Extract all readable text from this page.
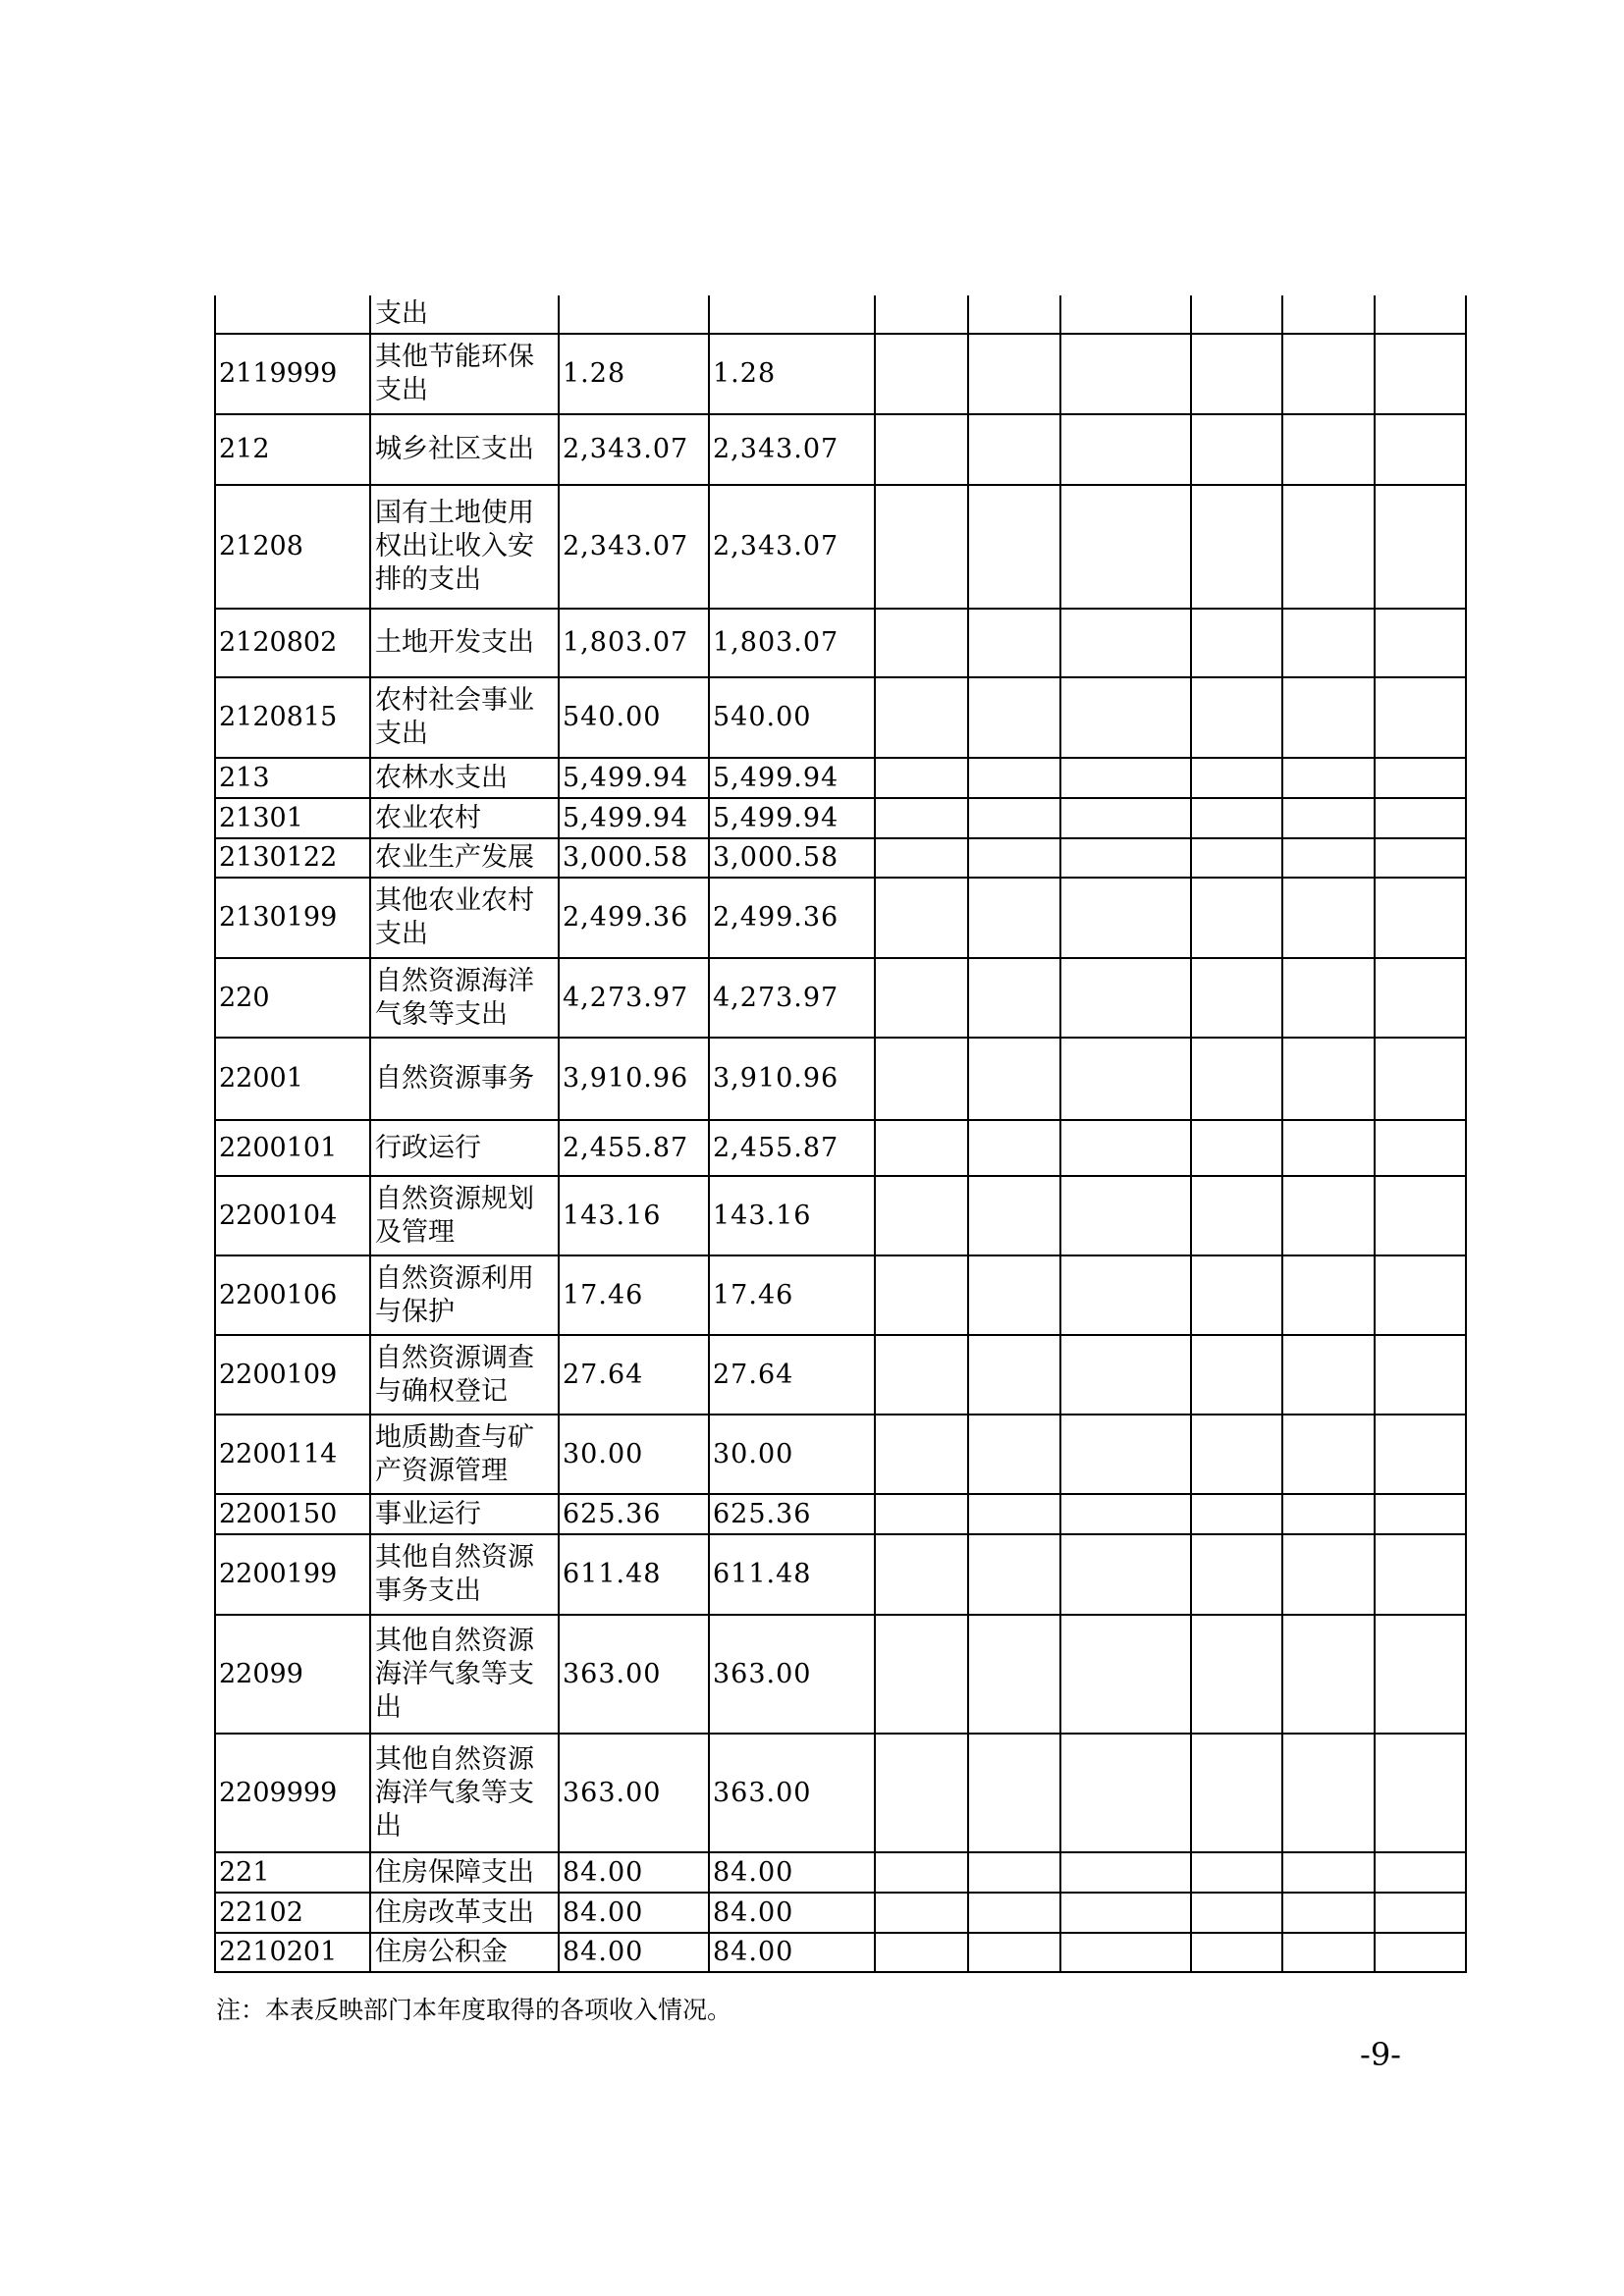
	支出								
2119999	其他节能环保支出	1.28	1.28						
212	城乡社区支出	2,343.07	2,343.07						
21208	国有土地使用权出让收入安排的支出	2,343.07	2,343.07						
2120802	土地开发支出	1,803.07	1,803.07						
2120815	农村社会事业支出	540.00	540.00						
213	农林水支出	5,499.94	5,499.94						
21301	农业农村	5,499.94	5,499.94						
2130122	农业生产发展	3,000.58	3,000.58						
2130199	其他农业农村支出	2,499.36	2,499.36						
220	自然资源海洋气象等支出	4,273.97	4,273.97						
22001	自然资源事务	3,910.96	3,910.96						
2200101	行政运行	2,455.87	2,455.87						
2200104	自然资源规划及管理	143.16	143.16						
2200106	自然资源利用与保护	17.46	17.46						
2200109	自然资源调查与确权登记	27.64	27.64						
2200114	地质勘查与矿产资源管理	30.00	30.00						
2200150	事业运行	625.36	625.36						
2200199	其他自然资源事务支出	611.48	611.48						
22099	其他自然资源海洋气象等支出	363.00	363.00						
2209999	其他自然资源海洋气象等支出	363.00	363.00						
221	住房保障支出	84.00	84.00						
22102	住房改革支出	84.00	84.00						
2210201	住房公积金	84.00	84.00						
注：本表反映部门本年度取得的各项收入情况。
-9-
